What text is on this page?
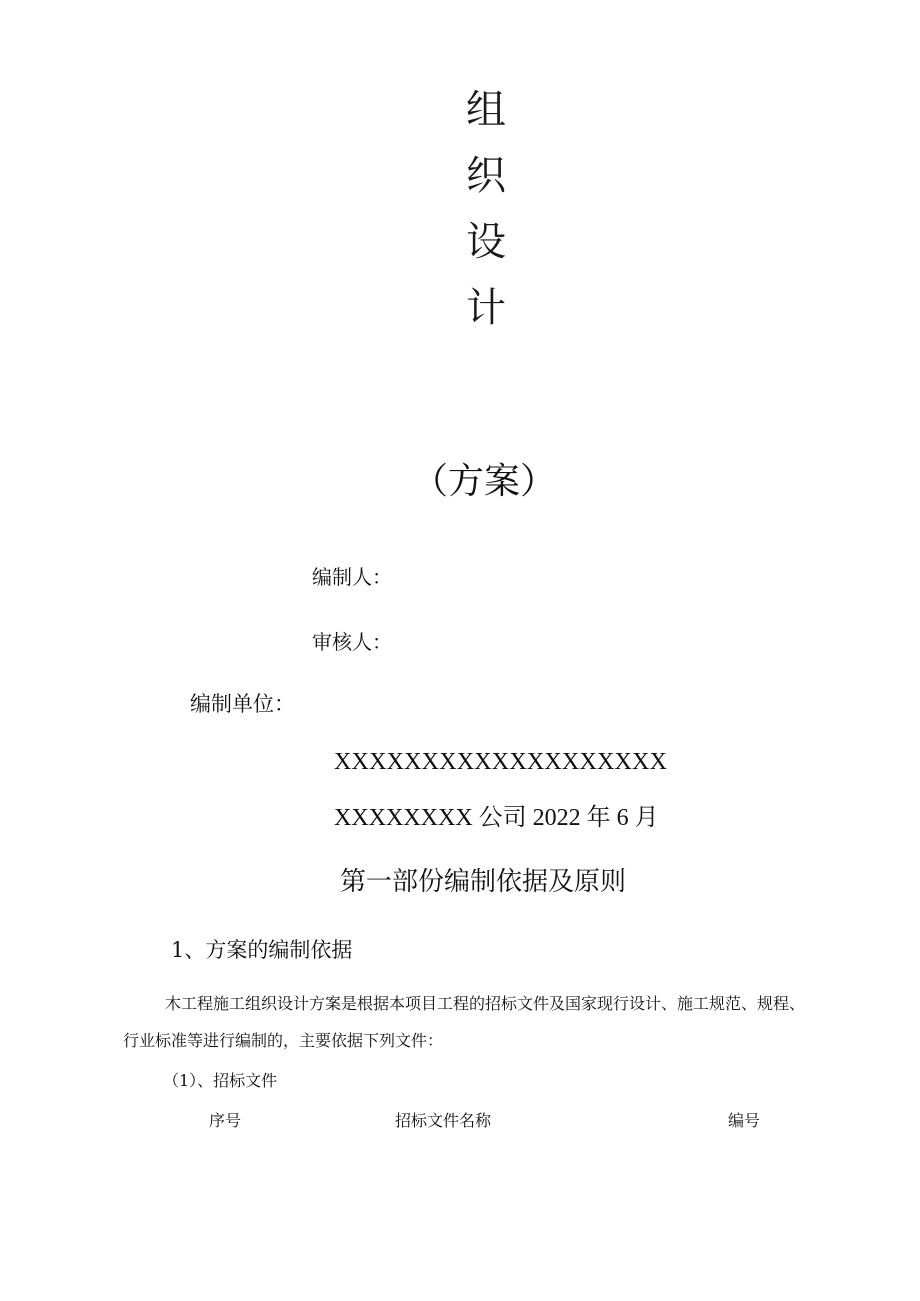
组
织
设
计
（方案）
编制人：
审核人：
编制单位：
XXXXXXXXXXXXXXXXXXX
XXXXXXXX 公司 2022 年 6 月
第一部份编制依据及原则
1、方案的编制依据
木工程施工组织设计方案是根据本项目工程的招标文件及国家现行设计、施工规范、规程、
行业标准等进行编制的，主要依据下列文件：
（1）、招标文件
序号	招标文件名称	编号
